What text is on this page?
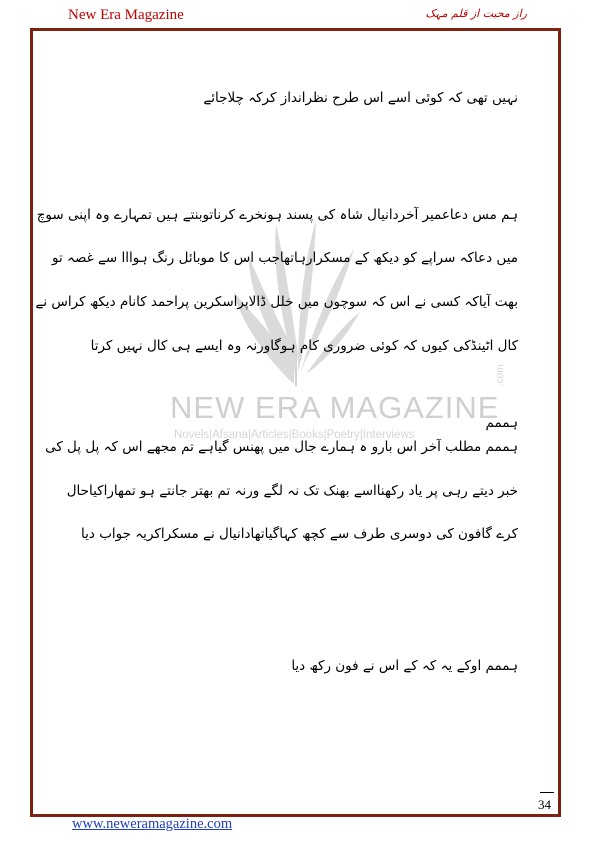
New Era Magazine	راز محبت از قلم مہک
NEW ERA MAGAZINE
.com
Novels|Afsana|Articles|Books|Poetry|Interviews
نہیں تھی کہ کوئی اسے اس طرح نظرانداز کرکہ چلاجائے
ہم مس دعاعمیر آخردانیال شاہ کی پسند ہونخرے کرناتوبنتے ہیں تمہارے وہ اپنی سوچ
میں دعاکہ سراپے کو دیکھ کے مسکرارہاتھاجب اس کا موبائل رنگ ہوااا سے غصہ تو
بھت آیاکہ کسی نے اس کہ سوچوں میں خلل ڈالاپراسکرین پراحمد کانام دیکھ کراس نے
کال اٹینڈکی کیوں کہ کوئی ضروری کام ہوگاورنہ وہ ایسے ہی کال نہیں کرتا
ہممم
ہممم مطلب آخر اس بارو ہ ہمارے جال میں پھنس گیاہے تم مجھے اس کہ پل پل کی
خبر دیتے رہی پر یاد رکھنااسے بھنک تک نہ لگے ورنہ تم بھتر جانتے ہو تمھاراکیاحال
کرے گافون کی دوسری طرف سے کچھ کہاگیاتھادانیال نے مسکراکریہ جواب دیا
ہممم اوکے یہ کہ کے اس نے فون رکھ دیا
34
www.neweramagazine.com
